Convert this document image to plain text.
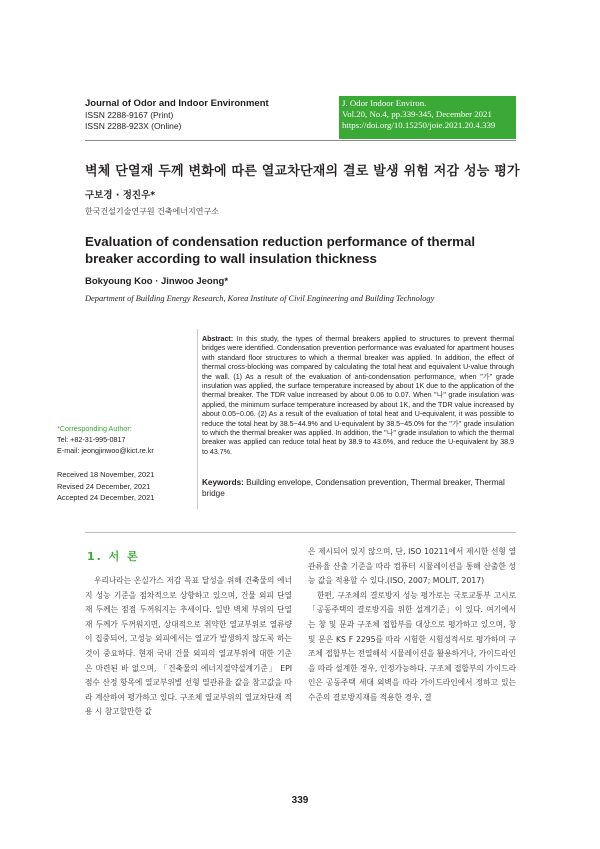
Journal of Odor and Indoor Environment
ISSN 2288-9167 (Print)
ISSN 2288-923X (Online)
J. Odor Indoor Environ.
Vol.20, No.4, pp.339-345, December 2021
https://doi.org/10.15250/joie.2021.20.4.339
벽체 단열재 두께 변화에 따른 열교차단재의 결로 발생 위험 저감 성능 평가
구보경 · 정진우*
한국건설기술연구원 건축에너지연구소
Evaluation of condensation reduction performance of thermal breaker according to wall insulation thickness
Bokyoung Koo · Jinwoo Jeong*
Department of Building Energy Research, Korea Institute of Civil Engineering and Building Technology
*Corresponding Author:
Tel: +82-31-995-0817
E-mail: jeongjinwoo@kict.re.kr
Received 18 November, 2021
Revised 24 December, 2021
Accepted 24 December, 2021
Abstract: In this study, the types of thermal breakers applied to structures to prevent thermal bridges were identified. Condensation prevention performance was evaluated for apartment houses with standard floor structures to which a thermal breaker was applied. In addition, the effect of thermal cross-blocking was compared by calculating the total heat and equivalent U-value through the wall. (1) As a result of the evaluation of anti-condensation performance, when "가" grade insulation was applied, the surface temperature increased by about 1K due to the application of the thermal breaker. The TDR value increased by about 0.06 to 0.07. When "나" grade insulation was applied, the minimum surface temperature increased by about 1K, and the TDR value increased by about 0.05~0.06. (2) As a result of the evaluation of total heat and U-equivalent, it was possible to reduce the total heat by 38.5~44.9% and U-equivalent by 38.5~45.0% for the "가" grade insulation to which the thermal breaker was applied. In addition, the "나" grade insulation to which the thermal breaker was applied can reduce total heat by 38.9 to 43.6%, and reduce the U-equivalent by 38.9 to 43.7%.
Keywords: Building envelope, Condensation prevention, Thermal breaker, Thermal bridge
1. 서 론

우리나라는 온실가스 저감 목표 달성을 위해 건축물의 에너지 성능 기준을 점차적으로 상향하고 있으며, 건물 외피 단열재 두께는 점점 두꺼워지는 추세이다. 일반 벽체 부위의 단열재 두께가 두꺼워지면, 상대적으로 취약한 열교부위로 열류량이 집중되어, 고성능 외피에서는 열교가 발생하지 않도록 하는 것이 중요하다. 현재 국내 건물 외피의 열교부위에 대한 기준은 마련된 바 없으며, 「건축물의 에너지절약설계기준」 EPI 점수 산정 항목에 열교부위별 선형 열관류율 값을 참고값을 따라 계산하여 평가하고 있다. 구조체 열교부위의 열교차단재 적용 시 참고할만한 값

은 제시되어 있지 않으며, 단, ISO 10211에서 제시한 선형 열관류율 산출 기준을 따라 컴퓨터 시뮬레이션을 통해 산출한 성능 값을 적용할 수 있다.(ISO, 2007; MOLIT, 2017)

한편, 구조체의 결로방지 성능 평가로는 국토교통부 고시로 「공동주택의 결로방지를 위한 설계기준」이 있다. 여기에서는 창 및 문과 구조체 접합부를 대상으로 평가하고 있으며, 창 및 문은 KS F 2295를 따라 시험한 시험성적서로 평가하며 구조체 접합부는 전열해석 시뮬레이션을 활용하거나, 가이드라인을 따라 설계한 경우, 인정가능하다. 구조체 접합부의 가이드라인은 공동주택 세대 외벽을 따라 가이드라인에서 정하고 있는 수준의 결로방지재를 적용한 경우, 결

339
